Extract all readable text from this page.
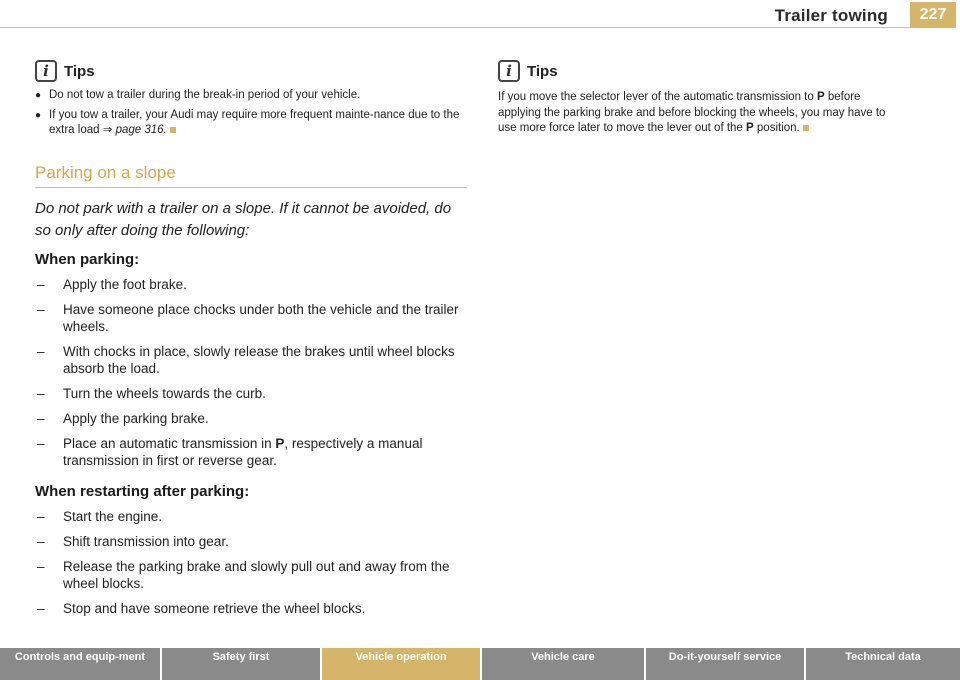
Trailer towing	227
i	Tips
● Do not tow a trailer during the break-in period of your vehicle.
● If you tow a trailer, your Audi may require more frequent mainte-nance due to the extra load ⇒ page 316.
Parking on a slope
Do not park with a trailer on a slope. If it cannot be avoided, do so only after doing the following:
When parking:
–	Apply the foot brake.
–	Have someone place chocks under both the vehicle and the trailer wheels.
–	With chocks in place, slowly release the brakes until wheel blocks absorb the load.
–	Turn the wheels towards the curb.
–	Apply the parking brake.
–	Place an automatic transmission in P, respectively a manual transmission in first or reverse gear.
When restarting after parking:
–	Start the engine.
–	Shift transmission into gear.
–	Release the parking brake and slowly pull out and away from the wheel blocks.
–	Stop and have someone retrieve the wheel blocks.
i	Tips
If you move the selector lever of the automatic transmission to P before applying the parking brake and before blocking the wheels, you may have to use more force later to move the lever out of the P position.
Controls and equip-ment	Safety first	Vehicle operation	Vehicle care	Do-it-yourself service	Technical data
